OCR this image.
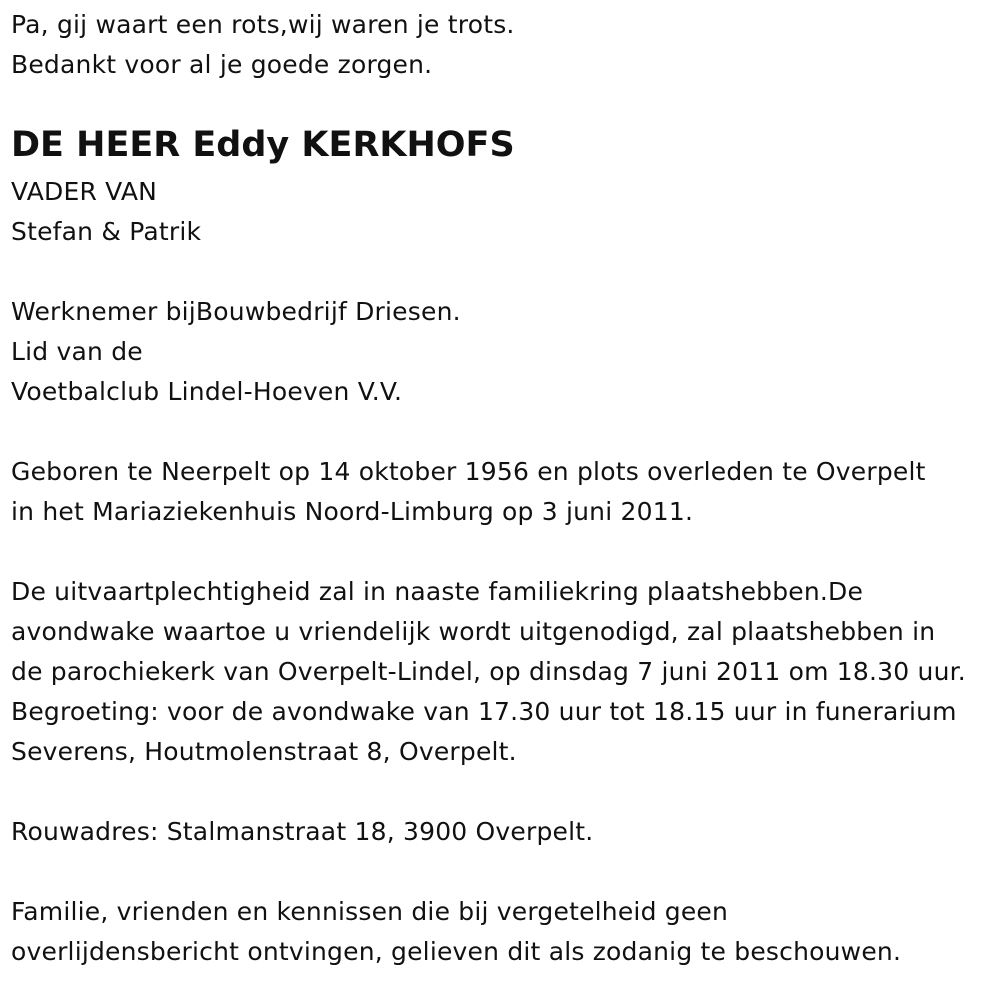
Pa, gij waart een rots,wij waren je trots.

Bedankt voor al je goede zorgen.

DE HEER Eddy KERKHOFS

VADER VAN

Stefan & Patrik

Werknemer bijBouwbedrijf Driesen.

Lid van de

Voetbalclub Lindel-Hoeven V.V.

Geboren te Neerpelt op 14 oktober 1956 en plots overleden te Overpelt

in het Mariaziekenhuis Noord-Limburg op 3 juni 2011.

De uitvaartplechtigheid zal in naaste familiekring plaatshebben.De

avondwake waartoe u vriendelijk wordt uitgenodigd, zal plaatshebben in

de parochiekerk van Overpelt-Lindel, op dinsdag 7 juni 2011 om 18.30 uur.

Begroeting: voor de avondwake van 17.30 uur tot 18.15 uur in funerarium

Severens, Houtmolenstraat 8, Overpelt.

Rouwadres: Stalmanstraat 18, 3900 Overpelt.

Familie, vrienden en kennissen die bij vergetelheid geen

overlijdensbericht ontvingen, gelieven dit als zodanig te beschouwen.
